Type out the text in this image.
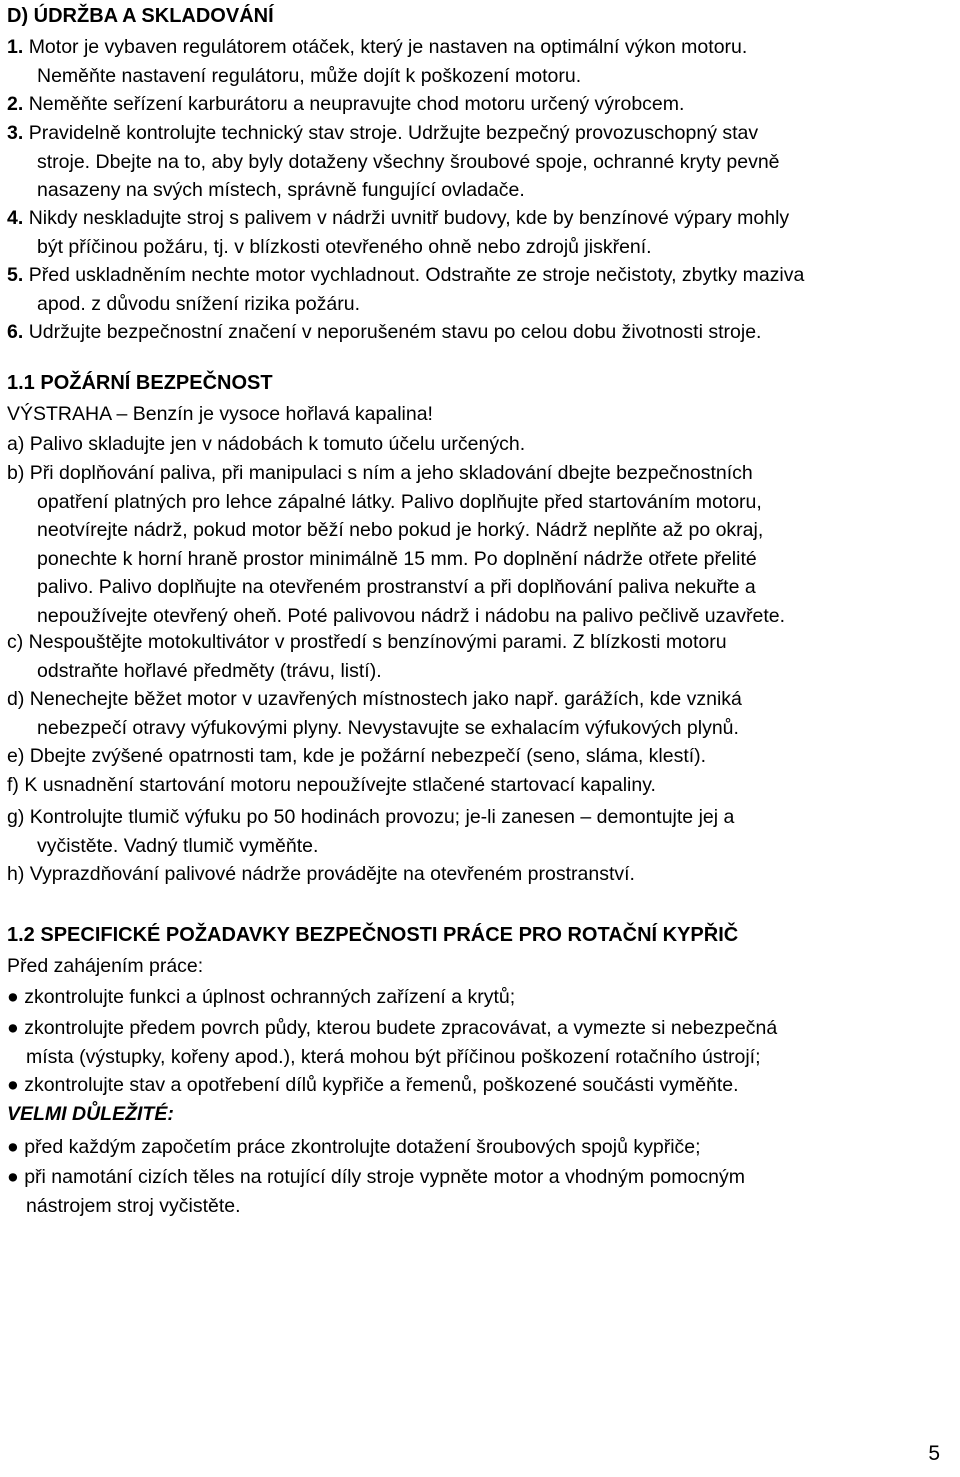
D) ÚDRŽBA A SKLADOVÁNÍ
1. Motor je vybaven regulátorem otáček, který je nastaven na optimální výkon motoru.
Neměňte nastavení regulátoru, může dojít k poškození motoru.
2. Neměňte seřízení karburátoru a neupravujte chod motoru určený výrobcem.
3. Pravidelně kontrolujte technický stav stroje. Udržujte bezpečný provozuschopný stav
stroje. Dbejte na to, aby byly dotaženy všechny šroubové spoje, ochranné kryty pevně
nasazeny na svých místech, správně fungující ovladače.
4. Nikdy neskladujte stroj s palivem v nádrži uvnitř budovy, kde by benzínové výpary mohly
být příčinou požáru, tj. v blízkosti otevřeného ohně nebo zdrojů jiskření.
5. Před uskladněním nechte motor vychladnout. Odstraňte ze stroje nečistoty, zbytky maziva
apod. z důvodu snížení rizika požáru.
6. Udržujte bezpečnostní značení v neporušeném stavu po celou dobu životnosti stroje.
1.1 POŽÁRNÍ BEZPEČNOST
VÝSTRAHA – Benzín je vysoce hořlavá kapalina!
a) Palivo skladujte jen v nádobách k tomuto účelu určených.
b) Při doplňování paliva, při manipulaci s ním a jeho skladování dbejte bezpečnostních
opatření platných pro lehce zápalné látky. Palivo doplňujte před startováním motoru,
neotvírejte nádrž, pokud motor běží nebo pokud je horký. Nádrž neplňte až po okraj,
ponechte k horní hraně prostor minimálně 15 mm. Po doplnění nádrže otřete přelité
palivo. Palivo doplňujte na otevřeném prostranství a při doplňování paliva nekuřte a
nepoužívejte otevřený oheň. Poté palivovou nádrž i nádobu na palivo pečlivě uzavřete.
c) Nespouštějte motokultivátor v prostředí s benzínovými parami. Z blízkosti motoru
odstraňte hořlavé předměty (trávu, listí).
d) Nenechejte běžet motor v uzavřených místnostech jako např. garážích, kde vzniká
nebezpečí otravy výfukovými plyny. Nevystavujte se exhalacím výfukových plynů.
e) Dbejte zvýšené opatrnosti tam, kde je požární nebezpečí (seno, sláma, klestí).
f) K usnadnění startování motoru nepoužívejte stlačené startovací kapaliny.
g) Kontrolujte tlumič výfuku po 50 hodinách provozu; je-li zanesen – demontujte jej a
vyčistěte. Vadný tlumič vyměňte.
h) Vyprazdňování palivové nádrže provádějte na otevřeném prostranství.
1.2 SPECIFICKÉ POŽADAVKY BEZPEČNOSTI PRÁCE PRO ROTAČNÍ KYPŘIČ
Před zahájením práce:
● zkontrolujte funkci a úplnost ochranných zařízení a krytů;
● zkontrolujte předem povrch půdy, kterou budete zpracovávat, a vymezte si nebezpečná
místa (výstupky, kořeny apod.), která mohou být příčinou poškození rotačního ústrojí;
● zkontrolujte stav a opotřebení dílů kypřiče a řemenů, poškozené součásti vyměňte.
VELMI DŮLEŽITÉ:
● před každým započetím práce zkontrolujte dotažení šroubových spojů kypřiče;
● při namotání cizích těles na rotující díly stroje vypněte motor a vhodným pomocným
nástrojem stroj vyčistěte.
5
